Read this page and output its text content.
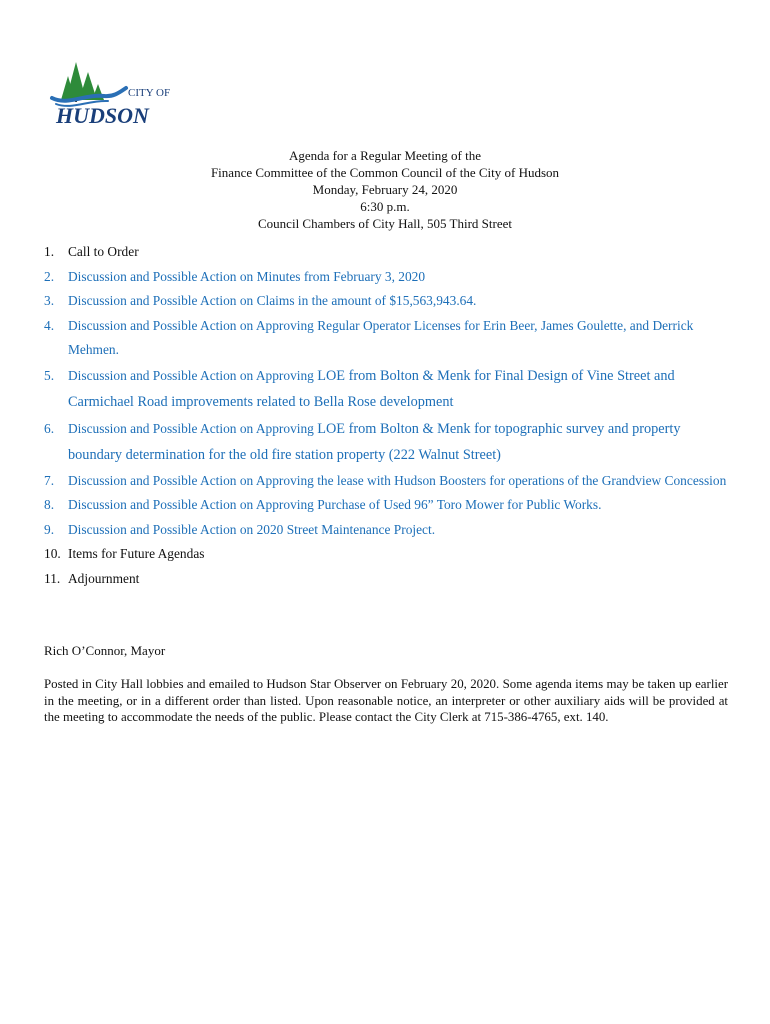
CITY OF
HUDSON
Agenda for a Regular Meeting of the
Finance Committee of the Common Council of the City of Hudson
Monday, February 24, 2020
6:30 p.m.
Council Chambers of City Hall, 505 Third Street
1. Call to Order
2. Discussion and Possible Action on Minutes from February 3, 2020
3. Discussion and Possible Action on Claims in the amount of $15,563,943.64.
4. Discussion and Possible Action on Approving Regular Operator Licenses for Erin Beer, James Goulette, and Derrick Mehmen.
5. Discussion and Possible Action on Approving LOE from Bolton & Menk for Final Design of Vine Street and Carmichael Road improvements related to Bella Rose development
6. Discussion and Possible Action on Approving LOE from Bolton & Menk for topographic survey and property boundary determination for the old fire station property (222 Walnut Street)
7. Discussion and Possible Action on Approving the lease with Hudson Boosters for operations of the Grandview Concession
8. Discussion and Possible Action on Approving Purchase of Used 96” Toro Mower for Public Works.
9. Discussion and Possible Action on 2020 Street Maintenance Project.
10. Items for Future Agendas
11. Adjournment
Rich O’Connor, Mayor
Posted in City Hall lobbies and emailed to Hudson Star Observer on February 20, 2020. Some agenda items may be taken up earlier in the meeting, or in a different order than listed. Upon reasonable notice, an interpreter or other auxiliary aids will be provided at the meeting to accommodate the needs of the public. Please contact the City Clerk at 715-386-4765, ext. 140.
